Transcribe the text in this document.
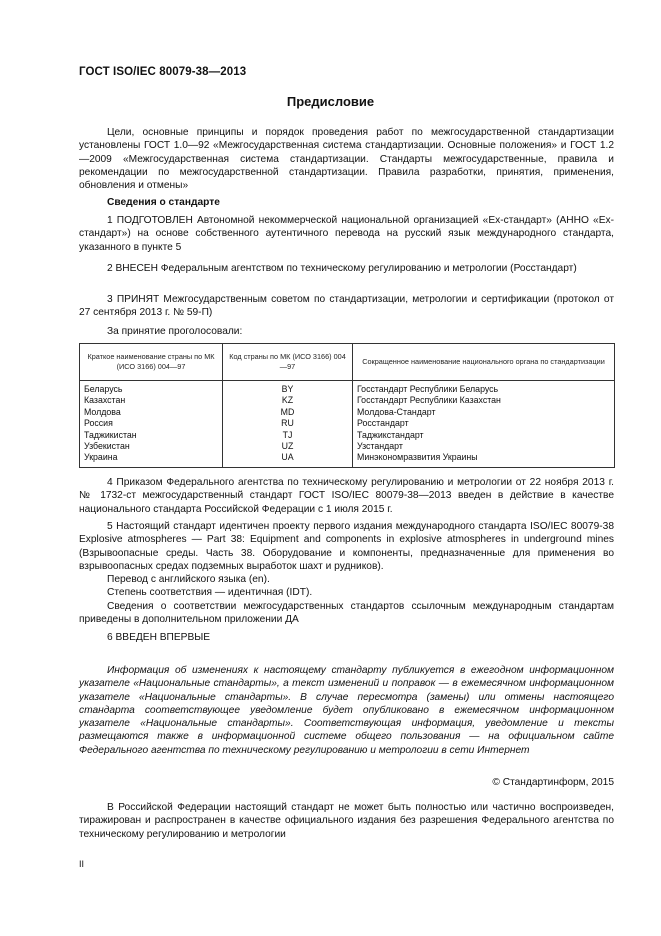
ГОСТ ISO/IEC 80079-38—2013
Предисловие

Цели, основные принципы и порядок проведения работ по межгосударственной стандартизации установлены ГОСТ 1.0—92 «Межгосударственная система стандартизации. Основные положения» и ГОСТ 1.2—2009 «Межгосударственная система стандартизации. Стандарты межгосударственные, правила и рекомендации по межгосударственной стандартизации. Правила разработки, принятия, применения, обновления и отмены»

Сведения о стандарте

1 ПОДГОТОВЛЕН Автономной некоммерческой национальной организацией «Ех-стандарт» (АННО «Ех-стандарт») на основе собственного аутентичного перевода на русский язык международного стандарта, указанного в пункте 5

2 ВНЕСЕН Федеральным агентством по техническому регулированию и метрологии (Росстандарт)

3 ПРИНЯТ Межгосударственным советом по стандартизации, метрологии и сертификации (протокол от 27 сентября 2013 г. № 59-П)

За принятие проголосовали:

Краткое наименование страны по МК (ИСО 3166) 004—97	Код страны по МК (ИСО 3166) 004—97	Сокращенное наименование национального органа по стандартизации
Беларусь	BY	Госстандарт Республики Беларусь
Казахстан	KZ	Госстандарт Республики Казахстан
Молдова	MD	Молдова-Стандарт
Россия	RU	Росстандарт
Таджикистан	TJ	Таджикстандарт
Узбекистан	UZ	Узстандарт
Украина	UA	Минэкономразвития Украины

4 Приказом Федерального агентства по техническому регулированию и метрологии от 22 ноября 2013 г. № 1732-ст межгосударственный стандарт ГОСТ ISO/IEC 80079-38—2013 введен в действие в качестве национального стандарта Российской Федерации с 1 июля 2015 г.

5 Настоящий стандарт идентичен проекту первого издания международного стандарта ISO/IEC 80079-38 Explosive atmospheres — Part 38: Equipment and components in explosive atmospheres in underground mines (Взрывоопасные среды. Часть 38. Оборудование и компоненты, предназначенные для применения во взрывоопасных средах подземных выработок шахт и рудников).

Перевод с английского языка (en).

Степень соответствия — идентичная (IDT).

Сведения о соответствии межгосударственных стандартов ссылочным международным стандартам приведены в дополнительном приложении ДА

6 ВВЕДЕН ВПЕРВЫЕ

Информация об изменениях к настоящему стандарту публикуется в ежегодном информационном указателе «Национальные стандарты», а текст изменений и поправок — в ежемесячном информационном указателе «Национальные стандарты». В случае пересмотра (замены) или отмены настоящего стандарта соответствующее уведомление будет опубликовано в ежемесячном информационном указателе «Национальные стандарты». Соответствующая информация, уведомление и тексты размещаются также в информационной системе общего пользования — на официальном сайте Федерального агентства по техническому регулированию и метрологии в сети Интернет

© Стандартинформ, 2015

В Российской Федерации настоящий стандарт не может быть полностью или частично воспроизведен, тиражирован и распространен в качестве официального издания без разрешения Федерального агентства по техническому регулированию и метрологии

II
